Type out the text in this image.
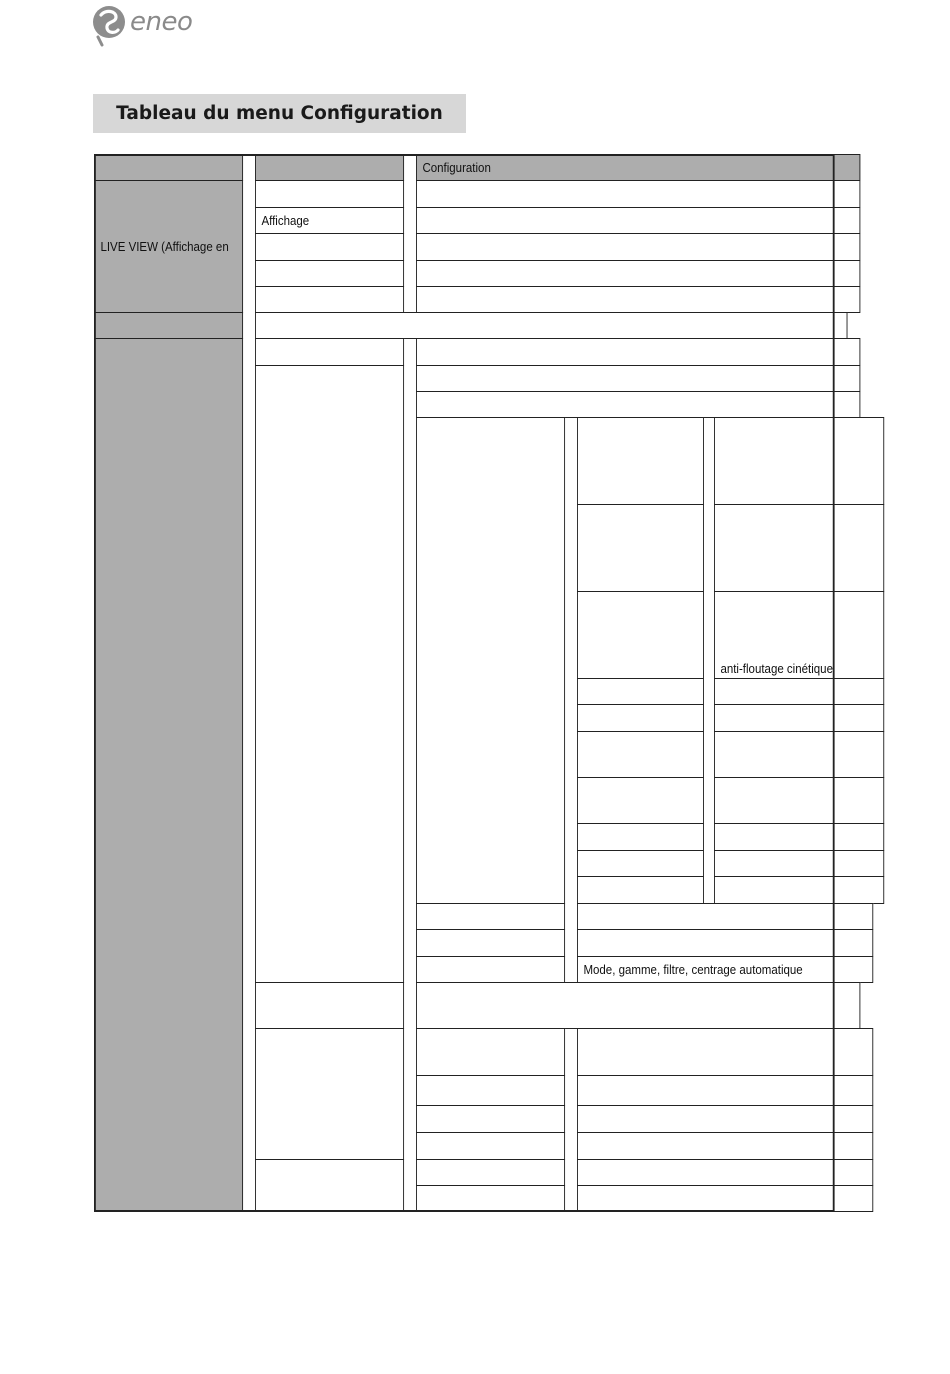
eneo
Tableau du menu Configuration
Configuration
LIVE VIEW (Affichage en
Affichage
anti-floutage cinétique
Mode, gamme, filtre, centrage automatique
